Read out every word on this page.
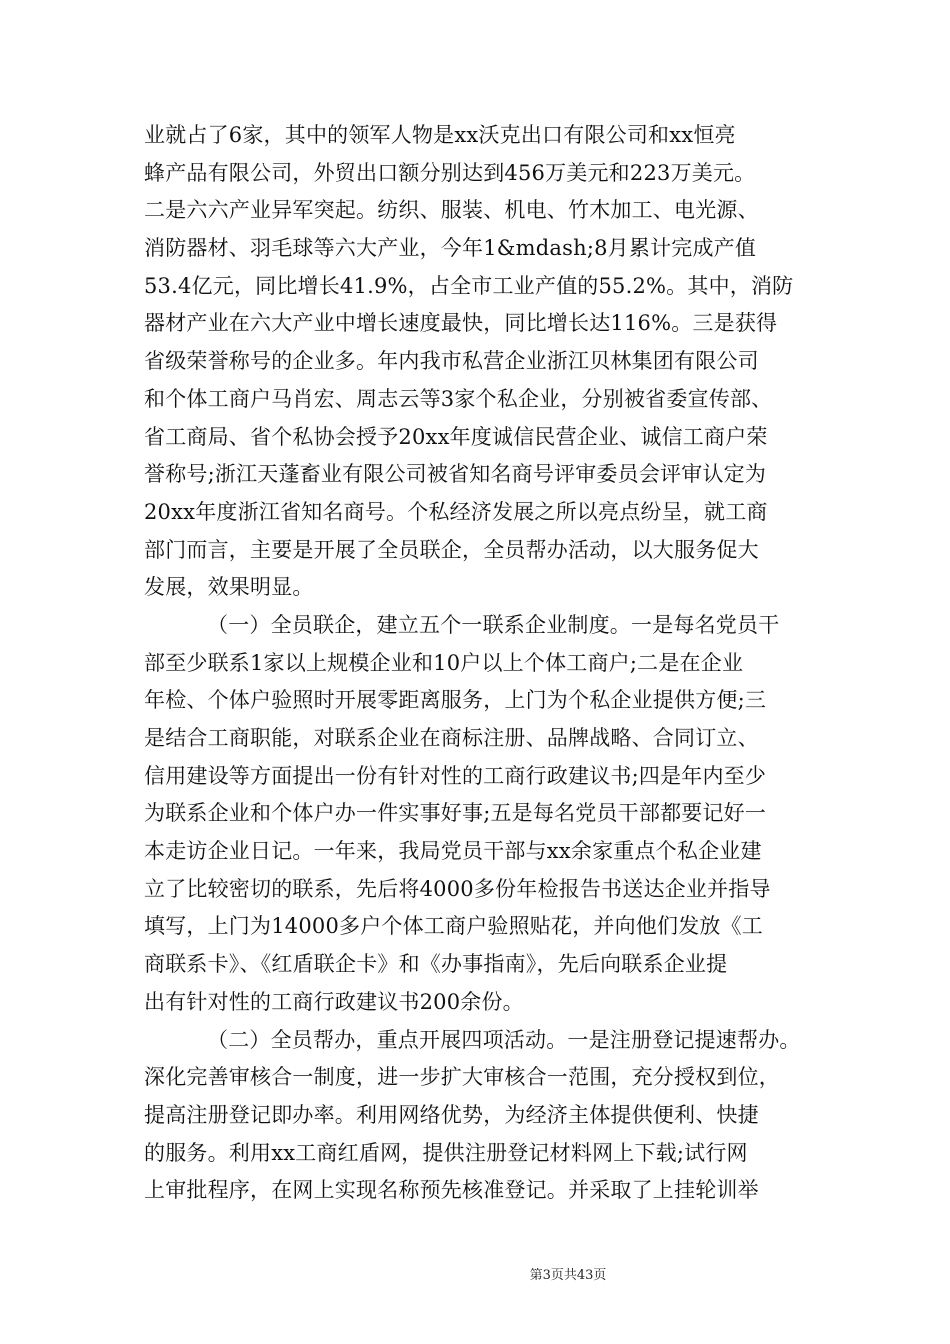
业就占了6家，其中的领军人物是xx沃克出口有限公司和xx恒亮
蜂产品有限公司，外贸出口额分别达到456万美元和223万美元。
二是六六产业异军突起。纺织、服装、机电、竹木加工、电光源、
消防器材、羽毛球等六大产业，今年1&mdash;8月累计完成产值
53.4亿元，同比增长41.9%，占全市工业产值的55.2%。其中，消防
器材产业在六大产业中增长速度最快，同比增长达116%。三是获得
省级荣誉称号的企业多。年内我市私营企业浙江贝林集团有限公司
和个体工商户马肖宏、周志云等3家个私企业，分别被省委宣传部、
省工商局、省个私协会授予20xx年度诚信民营企业、诚信工商户荣
誉称号;浙江天蓬畜业有限公司被省知名商号评审委员会评审认定为
20xx年度浙江省知名商号。个私经济发展之所以亮点纷呈，就工商
部门而言，主要是开展了全员联企，全员帮办活动，以大服务促大
发展，效果明显。
（一）全员联企，建立五个一联系企业制度。一是每名党员干
部至少联系1家以上规模企业和10户以上个体工商户;二是在企业
年检、个体户验照时开展零距离服务，上门为个私企业提供方便;三
是结合工商职能，对联系企业在商标注册、品牌战略、合同订立、
信用建设等方面提出一份有针对性的工商行政建议书;四是年内至少
为联系企业和个体户办一件实事好事;五是每名党员干部都要记好一
本走访企业日记。一年来，我局党员干部与xx余家重点个私企业建
立了比较密切的联系，先后将4000多份年检报告书送达企业并指导
填写，上门为14000多户个体工商户验照贴花，并向他们发放《工
商联系卡》、《红盾联企卡》和《办事指南》，先后向联系企业提
出有针对性的工商行政建议书200余份。
（二）全员帮办，重点开展四项活动。一是注册登记提速帮办。
深化完善审核合一制度，进一步扩大审核合一范围，充分授权到位，
提高注册登记即办率。利用网络优势，为经济主体提供便利、快捷
的服务。利用xx工商红盾网，提供注册登记材料网上下载;试行网
上审批程序，在网上实现名称预先核准登记。并采取了上挂轮训举
第3页共43页
